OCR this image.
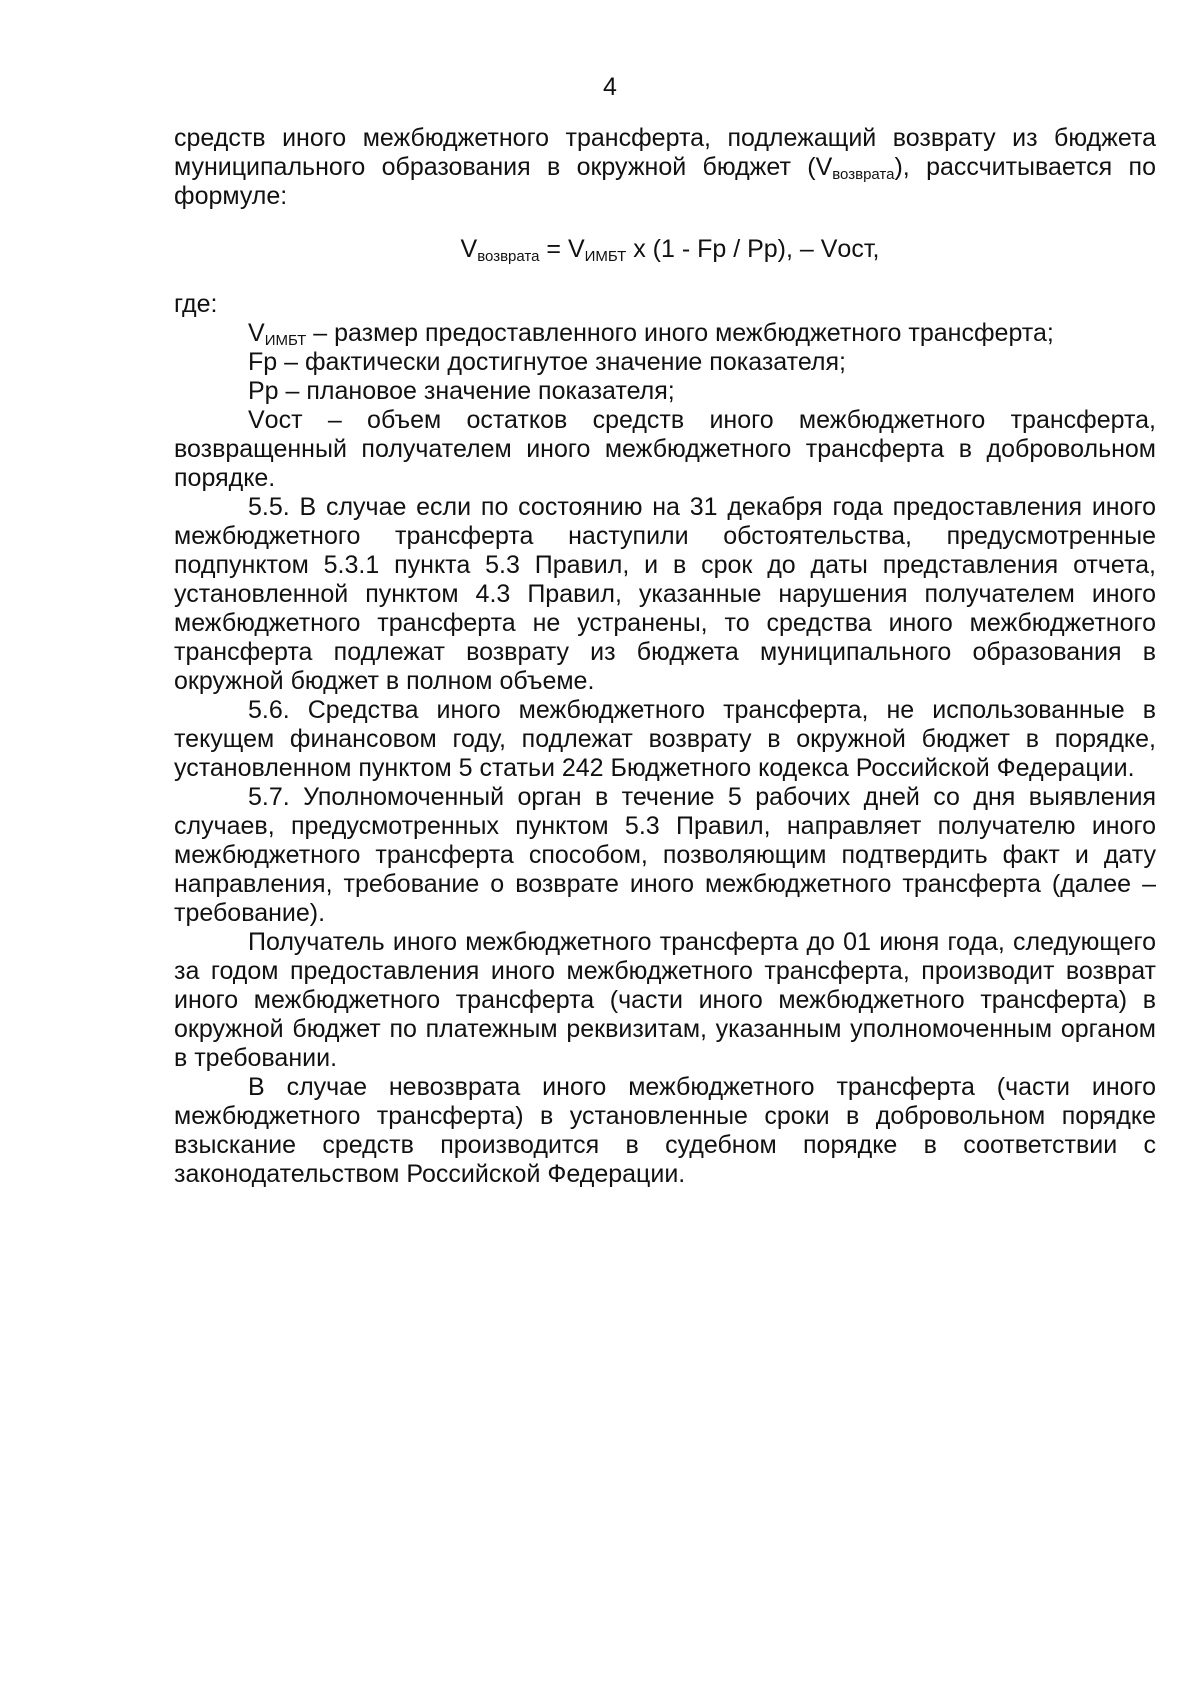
4

средств иного межбюджетного трансферта, подлежащий возврату из бюджета муниципального образования в окружной бюджет $(V_{возврата})$, рассчитывается по формуле:

$V_{возврата} = V_{ИМБТ}$ x (1 - Fр / Рр), – Vост,

где:

$V_{ИМБТ}$ – размер предоставленного иного межбюджетного трансферта;

Fр – фактически достигнутое значение показателя;

Рр – плановое значение показателя;

Vост – объем остатков средств иного межбюджетного трансферта, возвращенный получателем иного межбюджетного трансферта в добровольном порядке.

5.5. В случае если по состоянию на 31 декабря года предоставления иного межбюджетного трансферта наступили обстоятельства, предусмотренные подпунктом 5.3.1 пункта 5.3 Правил, и в срок до даты представления отчета, установленной пунктом 4.3 Правил, указанные нарушения получателем иного межбюджетного трансферта не устранены, то средства иного межбюджетного трансферта подлежат возврату из бюджета муниципального образования в окружной бюджет в полном объеме.

5.6. Средства иного межбюджетного трансферта, не использованные в текущем финансовом году, подлежат возврату в окружной бюджет в порядке, установленном пунктом 5 статьи 242 Бюджетного кодекса Российской Федерации.

5.7. Уполномоченный орган в течение 5 рабочих дней со дня выявления случаев, предусмотренных пунктом 5.3 Правил, направляет получателю иного межбюджетного трансферта способом, позволяющим подтвердить факт и дату направления, требование о возврате иного межбюджетного трансферта (далее – требование).

Получатель иного межбюджетного трансферта до 01 июня года, следующего за годом предоставления иного межбюджетного трансферта, производит возврат иного межбюджетного трансферта (части иного межбюджетного трансферта) в окружной бюджет по платежным реквизитам, указанным уполномоченным органом в требовании.

В случае невозврата иного межбюджетного трансферта (части иного межбюджетного трансферта) в установленные сроки в добровольном порядке взыскание средств производится в судебном порядке в соответствии с законодательством Российской Федерации.
